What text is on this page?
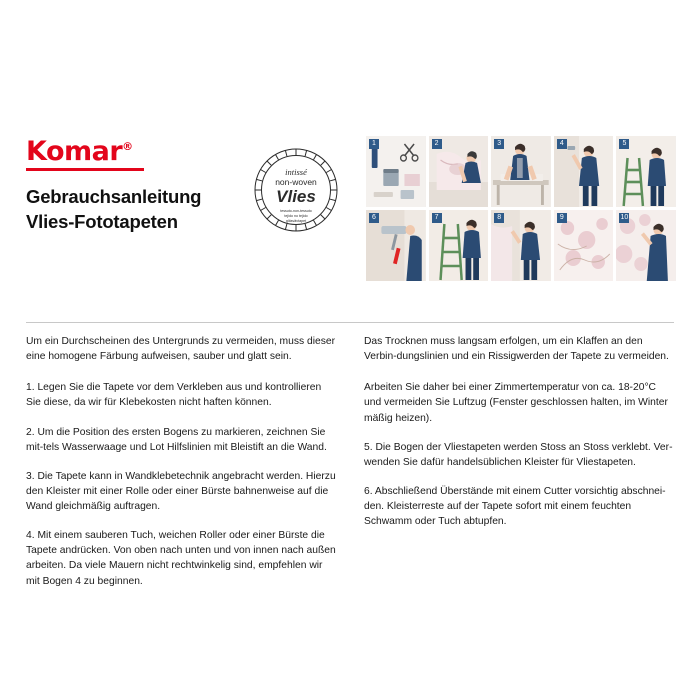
Komar®
Gebrauchsanleitung
Vlies-Fototapeten
intissé
non-woven
Vlies
tessuto-non-tessuto
tejido no tejido
gläsvävtapet
1	2	3	4	5
6	7	8	9	10

Um ein Durchscheinen des Untergrunds zu vermeiden, muss dieser eine homogene Färbung aufweisen, sauber und glatt sein.

1. Legen Sie die Tapete vor dem Verkleben aus und kontrollieren Sie diese, da wir für Klebekosten nicht haften können.

2. Um die Position des ersten Bogens zu markieren, zeichnen Sie mit-tels Wasserwaage und Lot Hilfslinien mit Bleistift an die Wand.

3. Die Tapete kann in Wandklebetechnik angebracht werden. Hierzu den Kleister mit einer Rolle oder einer Bürste bahnenweise auf die Wand gleichmäßig auftragen.

4. Mit einem sauberen Tuch, weichen Roller oder einer Bürste die Tapete andrücken. Von oben nach unten und von innen nach außen arbeiten. Da viele Mauern nicht rechtwinkelig sind, empfehlen wir mit Bogen 4 zu beginnen.

Das Trocknen muss langsam erfolgen, um ein Klaffen an den Verbin-dungslinien und ein Rissigwerden der Tapete zu vermeiden.

Arbeiten Sie daher bei einer Zimmertemperatur von ca. 18-20°C und vermeiden Sie Luftzug (Fenster geschlossen halten, im Winter mäßig heizen).

5. Die Bogen der Vliestapeten werden Stoss an Stoss verklebt. Ver-wenden Sie dafür handelsüblichen Kleister für Vliestapeten.

6. Abschließend Überstände mit einem Cutter vorsichtig abschnei-den. Kleisterreste auf der Tapete sofort mit einem feuchten Schwamm oder Tuch abtupfen.
